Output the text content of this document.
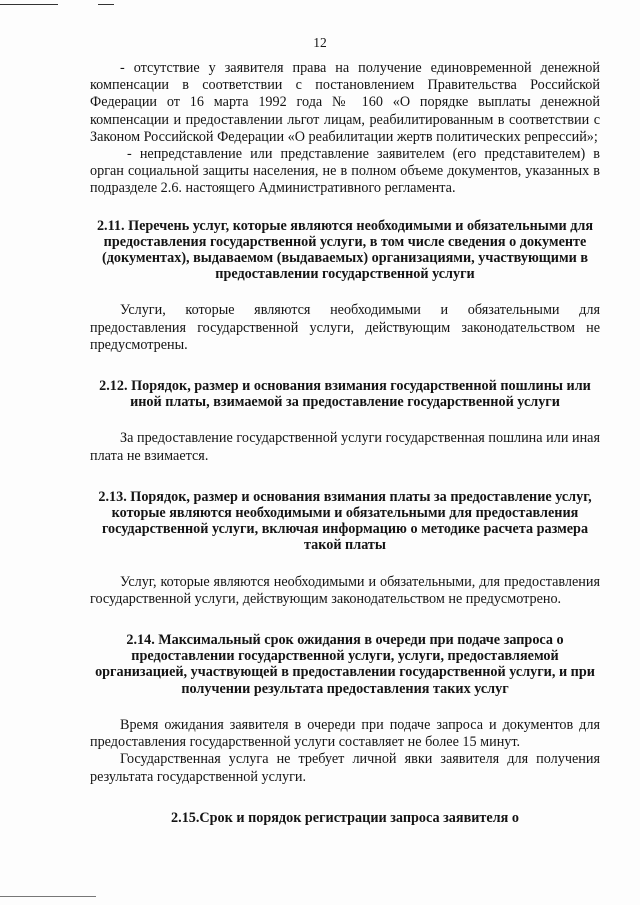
12

- отсутствие у заявителя права на получение единовременной денежной компенсации в соответствии с постановлением Правительства Российской Федерации от 16 марта 1992 года № 160 «О порядке выплаты денежной компенсации и предоставлении льгот лицам, реабилитированным в соответствии с Законом Российской Федерации «О реабилитации жертв политических репрессий»;

- непредставление или представление заявителем (его представителем) в орган социальной защиты населения, не в полном объеме документов, указанных в подразделе 2.6. настоящего Административного регламента.

2.11. Перечень услуг, которые являются необходимыми и обязательными для предоставления государственной услуги, в том числе сведения о документе (документах), выдаваемом (выдаваемых) организациями, участвующими в предоставлении государственной услуги

Услуги, которые являются необходимыми и обязательными для предоставления государственной услуги, действующим законодательством не предусмотрены.

2.12. Порядок, размер и основания взимания государственной пошлины или иной платы, взимаемой за предоставление государственной услуги

За предоставление государственной услуги государственная пошлина или иная плата не взимается.

2.13. Порядок, размер и основания взимания платы за предоставление услуг, которые являются необходимыми и обязательными для предоставления государственной услуги, включая информацию о методике расчета размера такой платы

Услуг, которые являются необходимыми и обязательными, для предоставления государственной услуги, действующим законодательством не предусмотрено.

2.14. Максимальный срок ожидания в очереди при подаче запроса о предоставлении государственной услуги, услуги, предоставляемой организацией, участвующей в предоставлении государственной услуги, и при получении результата предоставления таких услуг

Время ожидания заявителя в очереди при подаче запроса и документов для предоставления государственной услуги составляет не более 15 минут.

Государственная услуга не требует личной явки заявителя для получения результата государственной услуги.

2.15.Срок и порядок регистрации запроса заявителя о
